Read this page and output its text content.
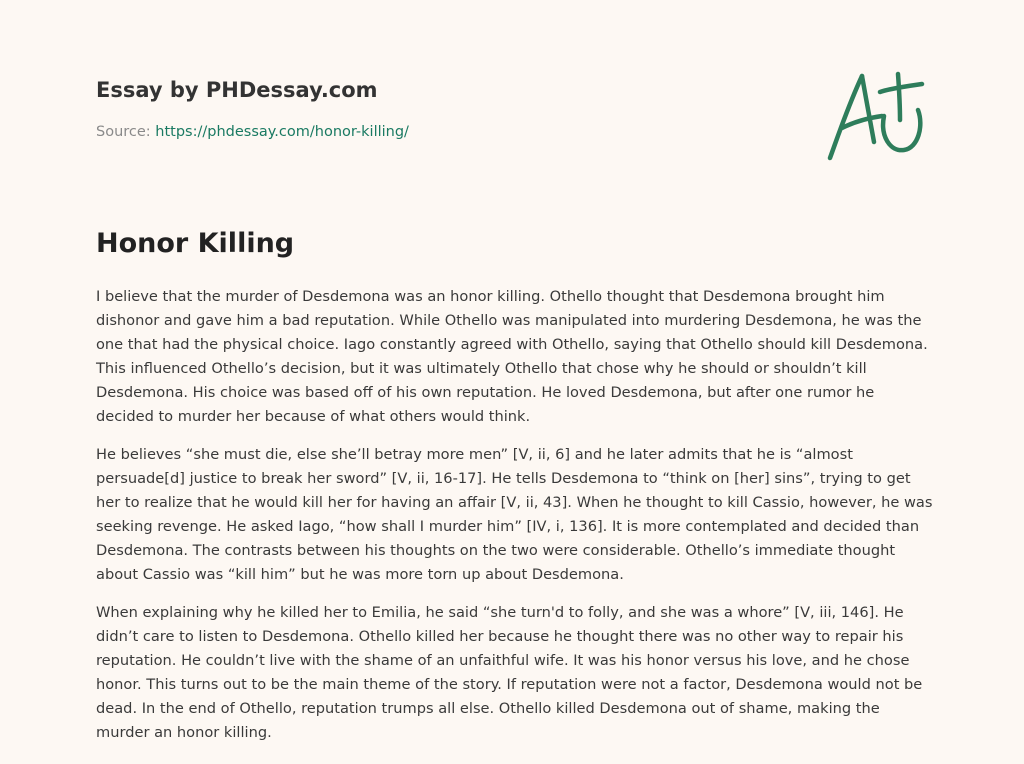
Essay by PHDessay.com
Source: https://phdessay.com/honor-killing/
Honor Killing

I believe that the murder of Desdemona was an honor killing. Othello thought that Desdemona brought him dishonor and gave him a bad reputation. While Othello was manipulated into murdering Desdemona, he was the one that had the physical choice. Iago constantly agreed with Othello, saying that Othello should kill Desdemona. This influenced Othello’s decision, but it was ultimately Othello that chose why he should or shouldn’t kill Desdemona. His choice was based off of his own reputation. He loved Desdemona, but after one rumor he decided to murder her because of what others would think.

He believes “she must die, else she’ll betray more men” [V, ii, 6] and he later admits that he is “almost persuade[d] justice to break her sword” [V, ii, 16-17]. He tells Desdemona to “think on [her] sins”, trying to get her to realize that he would kill her for having an affair [V, ii, 43]. When he thought to kill Cassio, however, he was seeking revenge. He asked Iago, “how shall I murder him” [IV, i, 136]. It is more contemplated and decided than Desdemona. The contrasts between his thoughts on the two were considerable. Othello’s immediate thought about Cassio was “kill him” but he was more torn up about Desdemona.

When explaining why he killed her to Emilia, he said “she turn'd to folly, and she was a whore” [V, iii, 146]. He didn’t care to listen to Desdemona. Othello killed her because he thought there was no other way to repair his reputation. He couldn’t live with the shame of an unfaithful wife. It was his honor versus his love, and he chose honor. This turns out to be the main theme of the story. If reputation were not a factor, Desdemona would not be dead. In the end of Othello, reputation trumps all else. Othello killed Desdemona out of shame, making the murder an honor killing.
